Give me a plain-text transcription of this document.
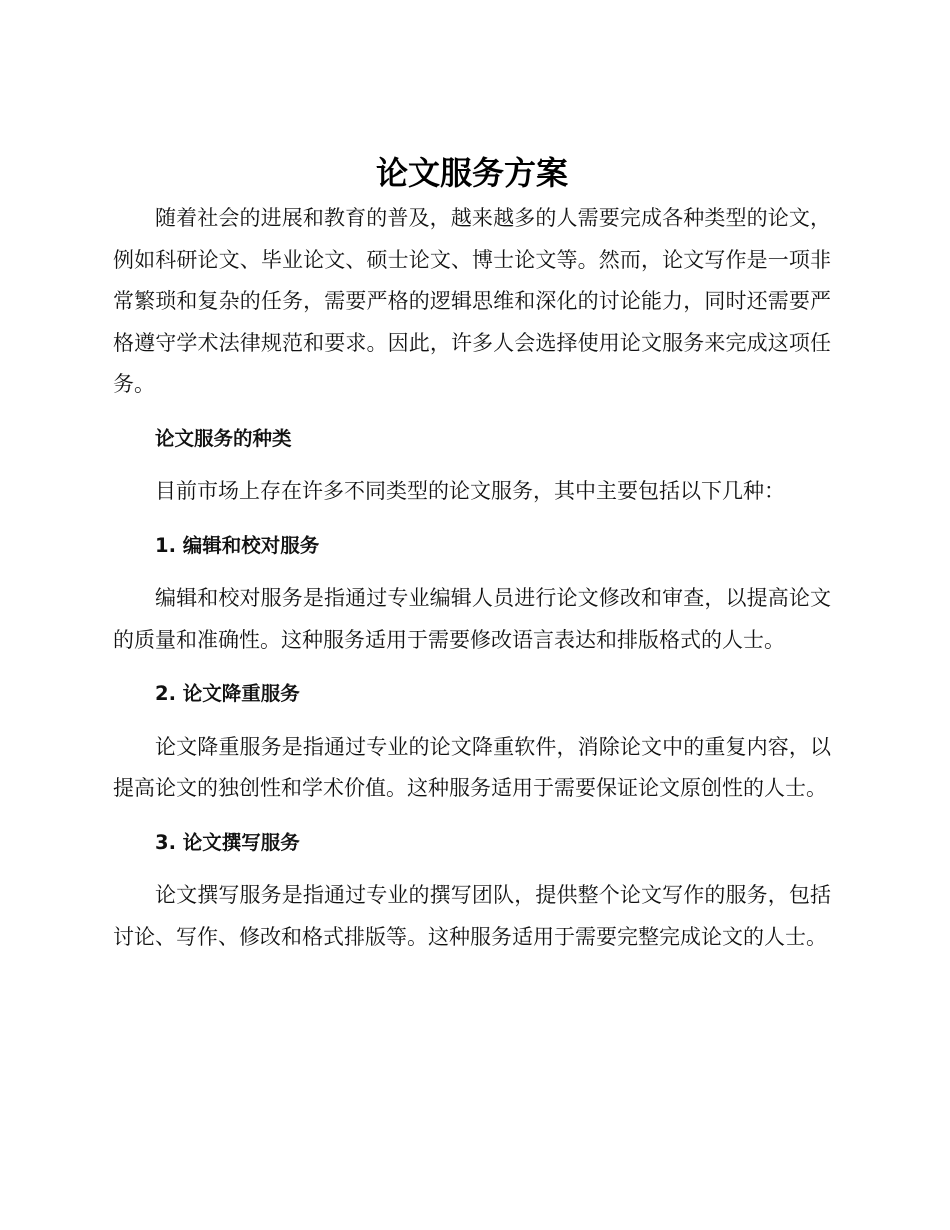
论文服务方案

随着社会的进展和教育的普及，越来越多的人需要完成各种类型的论文，例如科研论文、毕业论文、硕士论文、博士论文等。然而，论文写作是一项非常繁琐和复杂的任务，需要严格的逻辑思维和深化的讨论能力，同时还需要严格遵守学术法律规范和要求。因此，许多人会选择使用论文服务来完成这项任务。

论文服务的种类

目前市场上存在许多不同类型的论文服务，其中主要包括以下几种：

1. 编辑和校对服务

编辑和校对服务是指通过专业编辑人员进行论文修改和审查，以提高论文的质量和准确性。这种服务适用于需要修改语言表达和排版格式的人士。

2. 论文降重服务

论文降重服务是指通过专业的论文降重软件，消除论文中的重复内容，以提高论文的独创性和学术价值。这种服务适用于需要保证论文原创性的人士。

3. 论文撰写服务

论文撰写服务是指通过专业的撰写团队，提供整个论文写作的服务，包括讨论、写作、修改和格式排版等。这种服务适用于需要完整完成论文的人士。
